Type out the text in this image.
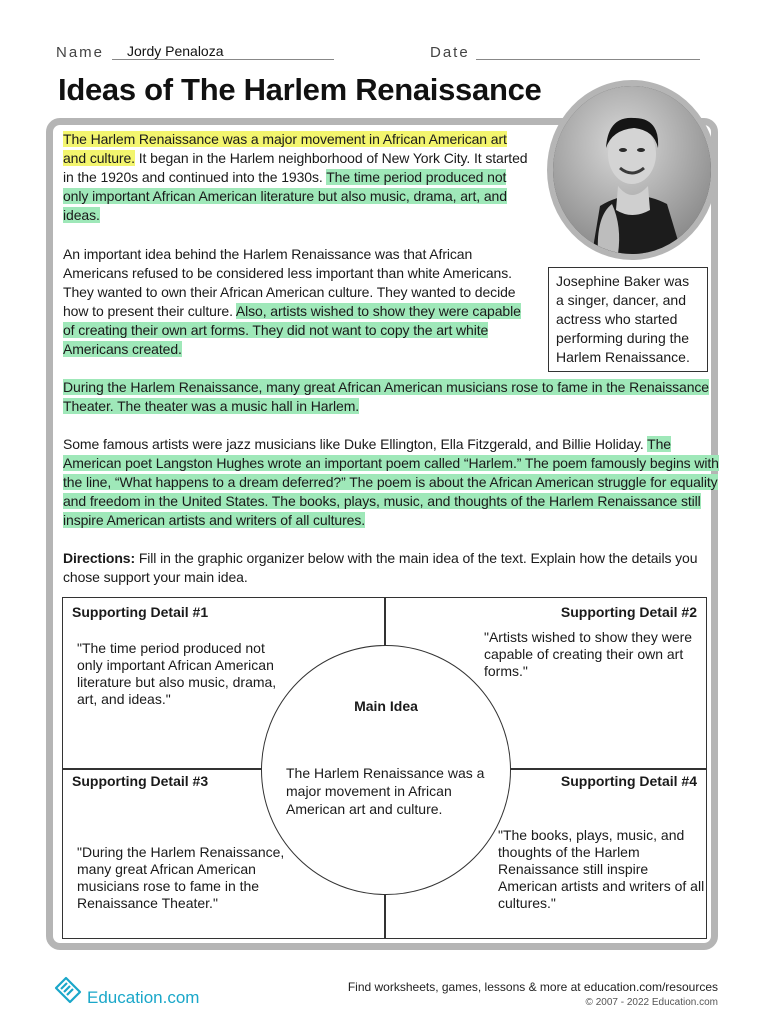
Name Jordy Penaloza	Date
Ideas of The Harlem Renaissance
Josephine Baker was a singer, dancer, and actress who started performing during the Harlem Renaissance.

The Harlem Renaissance was a major movement in African American art and culture. It began in the Harlem neighborhood of New York City. It started in the 1920s and continued into the 1930s. The time period produced not only important African American literature but also music, drama, art, and ideas.

An important idea behind the Harlem Renaissance was that African Americans refused to be considered less important than white Americans. They wanted to own their African American culture. They wanted to decide how to present their culture. Also, artists wished to show they were capable of creating their own art forms. They did not want to copy the art white Americans created.

During the Harlem Renaissance, many great African American musicians rose to fame in the Renaissance Theater. The theater was a music hall in Harlem.

Some famous artists were jazz musicians like Duke Ellington, Ella Fitzgerald, and Billie Holiday. The American poet Langston Hughes wrote an important poem called “Harlem.” The poem famously begins with the line, “What happens to a dream deferred?” The poem is about the African American struggle for equality and freedom in the United States. The books, plays, music, and thoughts of the Harlem Renaissance still inspire American artists and writers of all cultures.

Directions: Fill in the graphic organizer below with the main idea of the text. Explain how the details you chose support your main idea.

Supporting Detail #1
"The time period produced not only important African American literature but also music, drama, art, and ideas."
Supporting Detail #2
"Artists wished to show they were capable of creating their own art forms."
Supporting Detail #3
"During the Harlem Renaissance, many great African American musicians rose to fame in the Renaissance Theater."
Supporting Detail #4
"The books, plays, music, and thoughts of the Harlem Renaissance still inspire American artists and writers of all cultures."
Main Idea
The Harlem Renaissance was a major movement in African American art and culture.
Education.com
Find worksheets, games, lessons & more at education.com/resources
© 2007 - 2022 Education.com
